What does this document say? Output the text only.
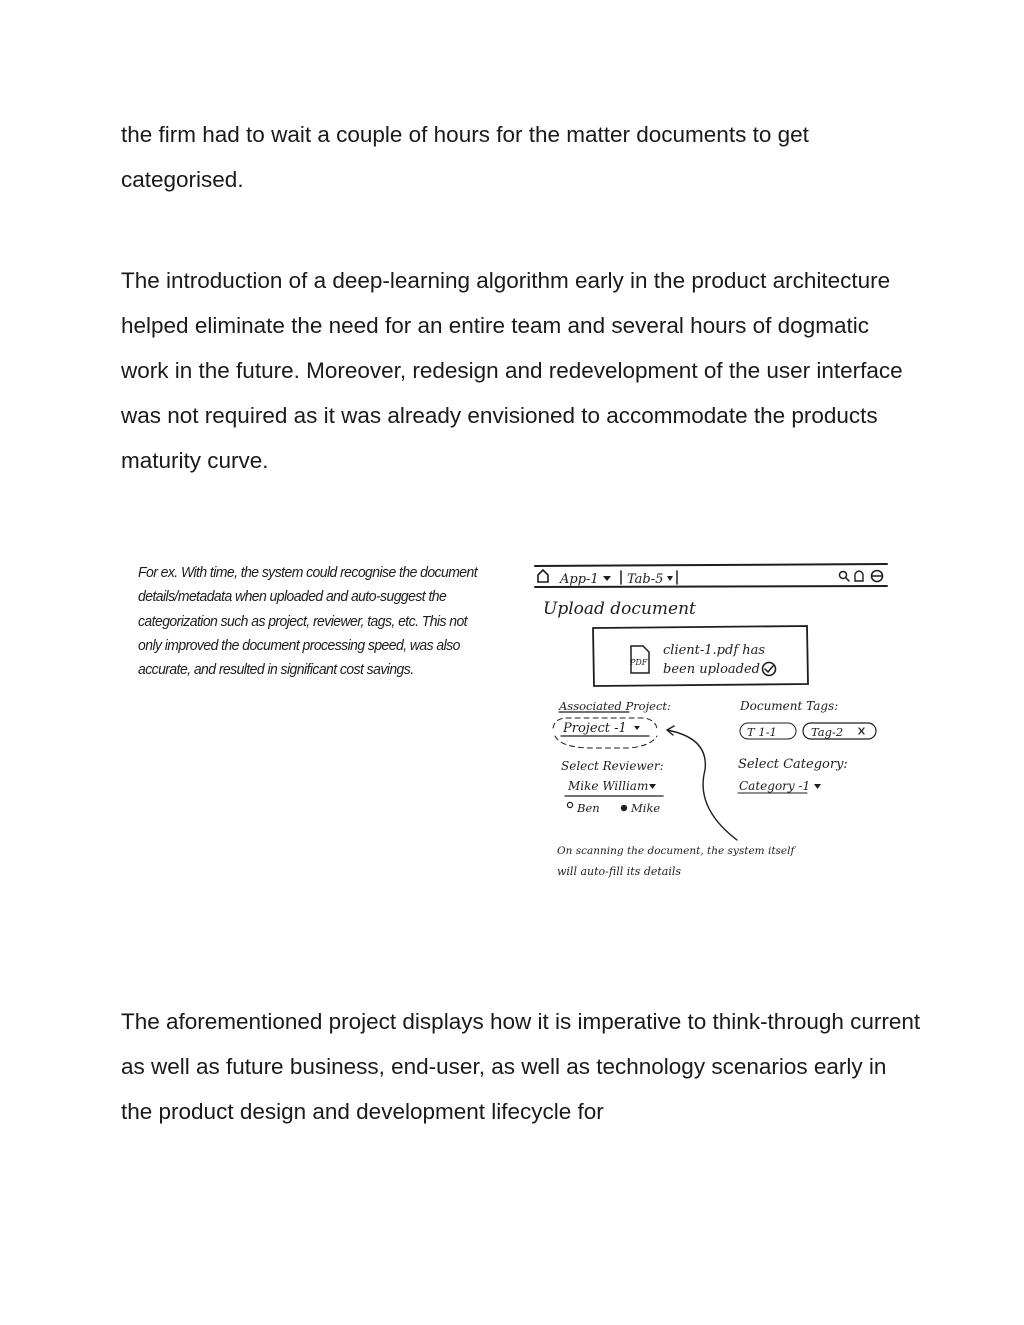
the firm had to wait a couple of hours for the matter documents to get categorised.

The introduction of a deep-learning algorithm early in the product architecture helped eliminate the need for an entire team and several hours of dogmatic work in the future. Moreover, redesign and redevelopment of the user interface was not required as it was already envisioned to accommodate the products maturity curve.

For ex. With time, the system could recognise the document details/metadata when uploaded and auto-suggest the categorization such as project, reviewer, tags, etc. This not only improved the document processing speed, was also accurate, and resulted in significant cost savings.
App-1 Tab-5
Upload document
PDF
client-1.pdf has
been uploaded
Associated Project:
Project -1
Document Tags:
T 1-1	Tag-2
Select Reviewer:
Mike William
Ben	Mike
Select Category:
Category -1
On scanning the document, the system itself
will auto-fill its details

The aforementioned project displays how it is imperative to think-through current as well as future business, end-user, as well as technology scenarios early in the product design and development lifecycle for
